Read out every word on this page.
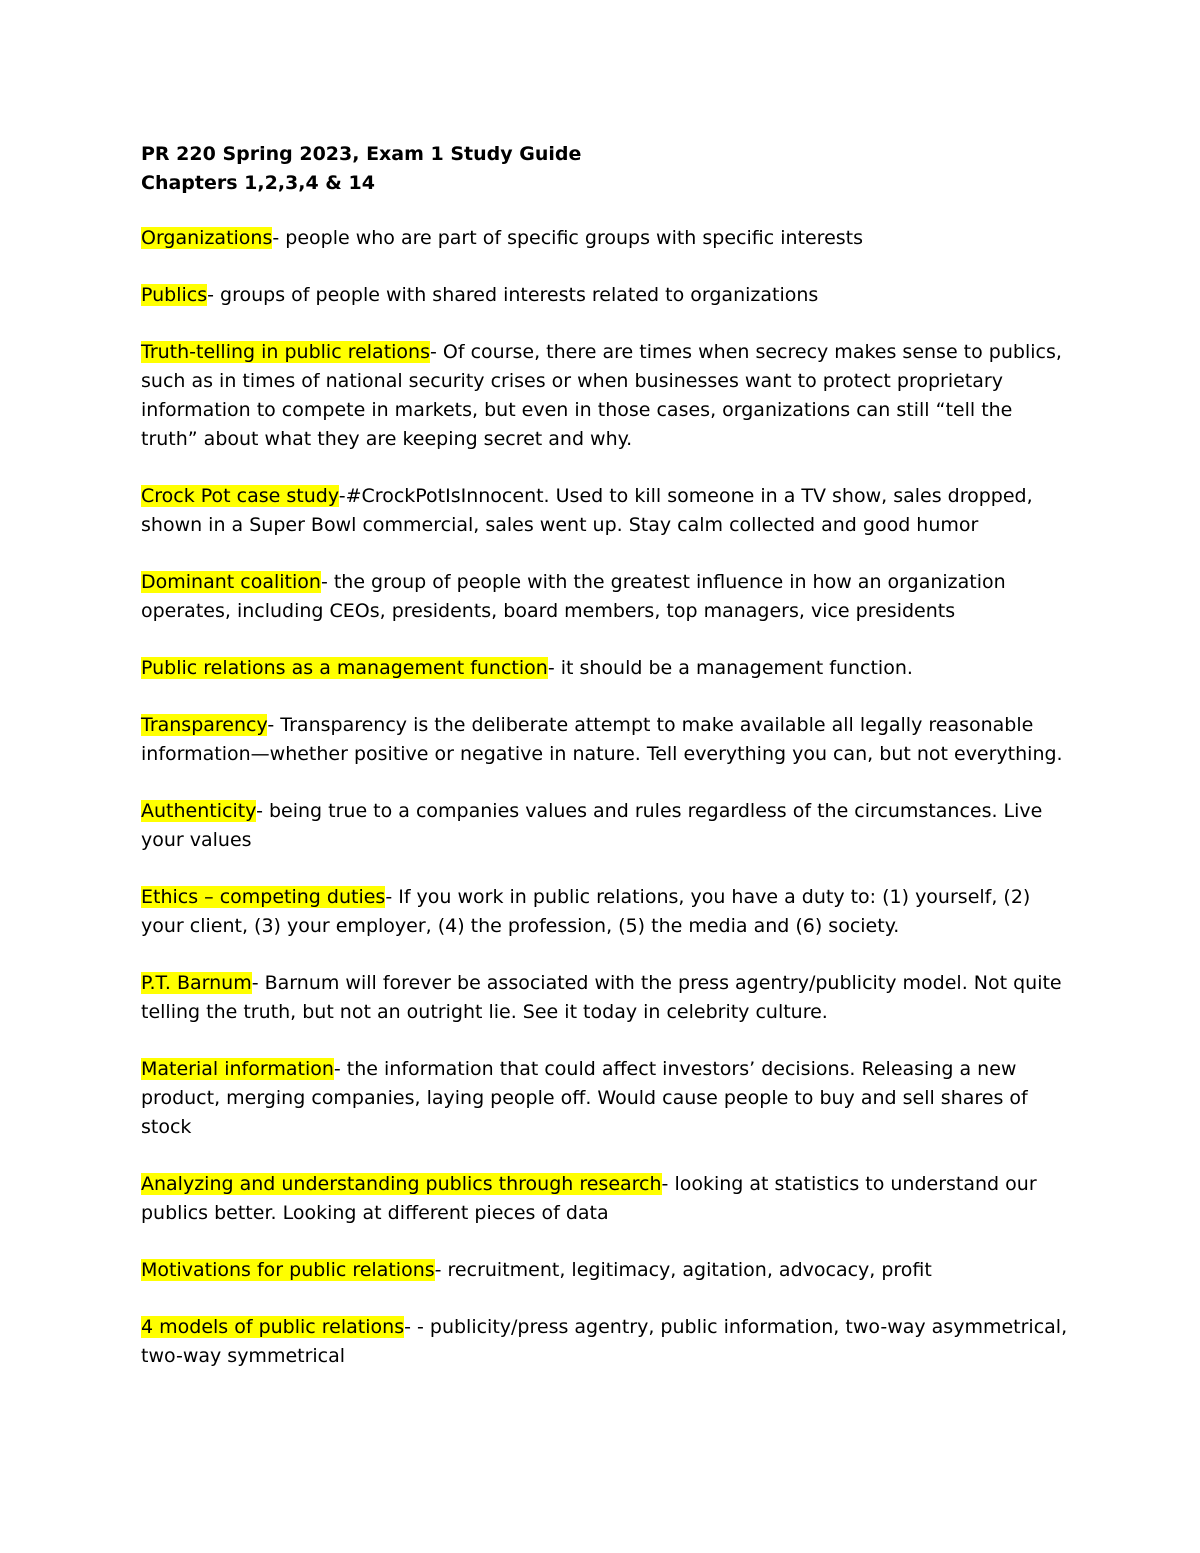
PR 220 Spring 2023, Exam 1 Study Guide
Chapters 1,2,3,4 & 14

Organizations- people who are part of specific groups with specific interests

Publics- groups of people with shared interests related to organizations

Truth-telling in public relations- Of course, there are times when secrecy makes sense to publics, such as in times of national security crises or when businesses want to protect proprietary information to compete in markets, but even in those cases, organizations can still “tell the truth” about what they are keeping secret and why.

Crock Pot case study-#CrockPotIsInnocent. Used to kill someone in a TV show, sales dropped, shown in a Super Bowl commercial, sales went up. Stay calm collected and good humor

Dominant coalition- the group of people with the greatest influence in how an organization operates, including CEOs, presidents, board members, top managers, vice presidents

Public relations as a management function- it should be a management function.

Transparency- Transparency is the deliberate attempt to make available all legally reasonable information—whether positive or negative in nature. Tell everything you can, but not everything.

Authenticity- being true to a companies values and rules regardless of the circumstances. Live your values

Ethics – competing duties- If you work in public relations, you have a duty to: (1) yourself, (2) your client, (3) your employer, (4) the profession, (5) the media and (6) society.

P.T. Barnum- Barnum will forever be associated with the press agentry/publicity model. Not quite telling the truth, but not an outright lie. See it today in celebrity culture.

Material information- the information that could affect investors’ decisions. Releasing a new product, merging companies, laying people off. Would cause people to buy and sell shares of stock

Analyzing and understanding publics through research- looking at statistics to understand our publics better. Looking at different pieces of data

Motivations for public relations- recruitment, legitimacy, agitation, advocacy, profit

4 models of public relations- - publicity/press agentry, public information, two-way asymmetrical, two-way symmetrical
